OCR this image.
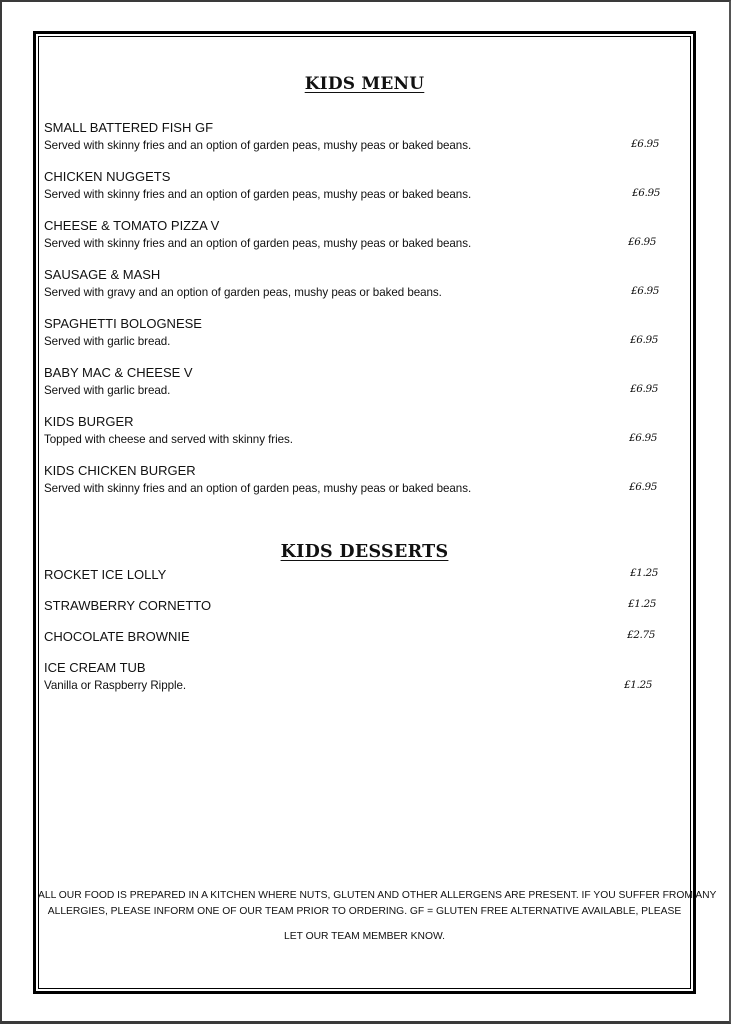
KIDS MENU
SMALL BATTERED FISH GF
Served with skinny fries and an option of garden peas, mushy peas or baked beans.	£6.95
CHICKEN NUGGETS
Served with skinny fries and an option of garden peas, mushy peas or baked beans.	£6.95
CHEESE & TOMATO PIZZA V
Served with skinny fries and an option of garden peas, mushy peas or baked beans.	£6.95
SAUSAGE & MASH
Served with gravy and an option of garden peas, mushy peas or baked beans.	£6.95
SPAGHETTI BOLOGNESE
Served with garlic bread.	£6.95
BABY MAC & CHEESE V
Served with garlic bread.	£6.95
KIDS BURGER
Topped with cheese and served with skinny fries.	£6.95
KIDS CHICKEN BURGER
Served with skinny fries and an option of garden peas, mushy peas or baked beans.	£6.95
KIDS DESSERTS
ROCKET ICE LOLLY	£1.25
STRAWBERRY CORNETTO	£1.25
CHOCOLATE BROWNIE	£2.75
ICE CREAM TUB
Vanilla or Raspberry Ripple.	£1.25
ALL OUR FOOD IS PREPARED IN A KITCHEN WHERE NUTS, GLUTEN AND OTHER ALLERGENS ARE PRESENT. IF YOU SUFFER FROM ANY
ALLERGIES, PLEASE INFORM ONE OF OUR TEAM PRIOR TO ORDERING. GF = GLUTEN FREE ALTERNATIVE AVAILABLE, PLEASE
LET OUR TEAM MEMBER KNOW.
